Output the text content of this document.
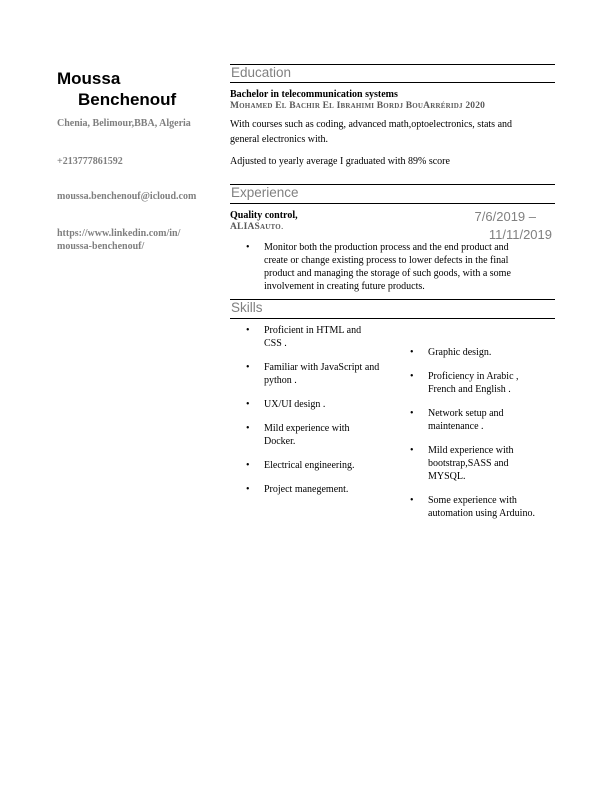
Moussa
Benchenouf
Chenia, Belimour,BBA, Algeria
+213777861592
moussa.benchenouf@icloud.com
https://www.linkedin.com/in/
moussa-benchenouf/
Education
Bachelor in telecommunication systems
Mohamed El Bachir El Ibrahimi Bordj BouArréridj 2020
With courses such as coding, advanced math,optoelectronics, stats and
general electronics with.
Adjusted to yearly average I graduated with 89% score
Experience
Quality control,
ALIASauto.
7/6/2019 –
11/11/2019
• Monitor both the production process and the end product and
create or change existing process to lower defects in the final
product and managing the storage of such goods, with a some
involvement in creating future products.
Skills
• Proficient in HTML and
CSS .
• Familiar with JavaScript and
python .
• UX/UI design .
• Mild experience with
Docker.
• Electrical engineering.
• Project manegement.
• Graphic design.
• Proficiency in Arabic ,
French and English .
• Network setup and
maintenance .
• Mild experience with
bootstrap,SASS and
MYSQL.
• Some experience with
automation using Arduino.
